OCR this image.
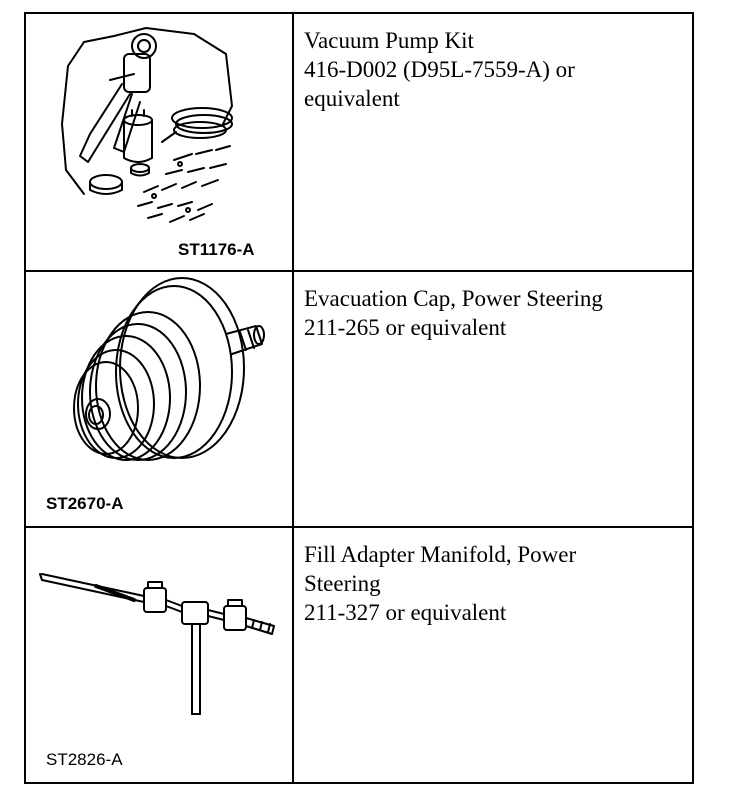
ST1176-A	Vacuum Pump Kit
416-D002 (D95L-7559-A) or
equivalent

ST2670-A	Evacuation Cap, Power Steering
211-265 or equivalent

ST2826-A	Fill Adapter Manifold, Power
Steering
211-327 or equivalent
